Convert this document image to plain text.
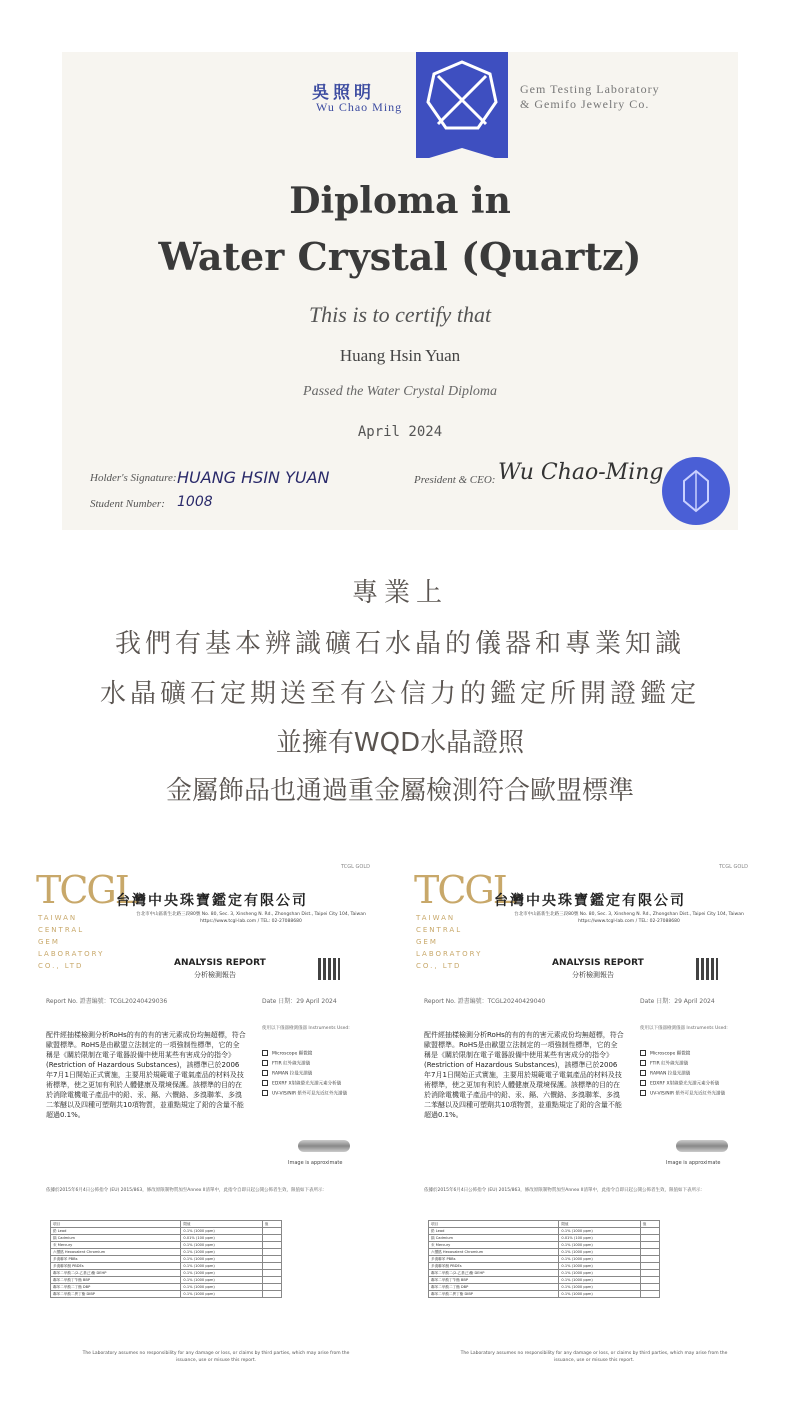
吳照明
Wu Chao Ming
Gem Testing Laboratory
& Gemifo Jewelry Co.
Diploma in
Water Crystal (Quartz)
This is to certify that
Huang Hsin Yuan
Passed the Water Crystal Diploma
April 2024
Holder's Signature: HUANG HSIN YUAN
Student Number: 1008
President & CEO: Wu Chao-Ming
專業上
我們有基本辨識礦石水晶的儀器和專業知識
水晶礦石定期送至有公信力的鑑定所開證鑑定
並擁有WQD水晶證照
金屬飾品也通過重金屬檢測符合歐盟標準
TCGL GOLD
TCGL
TAIWAN CENTRAL GEM LABORATORY CO., LTD
台灣中央珠寶鑑定有限公司
台北市中山區新生北路三段80號 No. 80, Sec. 3, Xinsheng N. Rd., Zhongshan Dist., Taipei City 104, Taiwan https://www.tcgl-lab.com / TEL: 02-27088680
ANALYSIS REPORT
分析檢測報告
Report No. 證書編號：TCGL20240429036	Date 日期：29 April 2024
配件經抽樣檢測分析RoHs的有的有的害元素成份均無超標，符合歐盟標準。RoHS是由歐盟立法制定的一項強制性標準，它的全稱是《關於限制在電子電器設備中使用某些有害成分的指令》(Restriction of Hazardous Substances)，該標準已於2006年7月1日開始正式實施，主要用於規範電子電氣產品的材料及技術標準，使之更加有利於人體健康及環境保護。該標準的目的在於消除電機電子產品中的鉛、汞、鎘、六價鉻、多溴聯苯、多溴二苯醚以及四種可塑劑共10項物質，並重點規定了鉛的含量不能超過0.1%。
使用以下儀器檢測儀器 Instruments Used:
Microscope 顯微鏡
FTIR 紅外線光譜儀
RAMAN 拉曼光譜儀
EDXRF X射線螢光光譜元素分析儀
UV-VIS/NIR 紫外可見光近紅外光譜儀
Image is approximate
依據於2015年6月4日公佈指令 (EU) 2015/863，修改原限制物質加至Annex II清單中，此指令自即日起公開公佈者生效，限值如下表所示：
項目	限值	值
鉛 Lead	0.1% (1000 ppm)	
鎘 Cadmium	0.01% (100 ppm)	
汞 Mercury	0.1% (1000 ppm)	
六價鉻 Hexavalent Chromium	0.1% (1000 ppm)	
多溴聯苯 PBBs	0.1% (1000 ppm)	
多溴聯苯醚 PBDEs	0.1% (1000 ppm)	
鄰苯二甲酸二(2-乙基己)酯 DEHP	0.1% (1000 ppm)	
鄰苯二甲酸丁苄酯 BBP	0.1% (1000 ppm)	
鄰苯二甲酸二丁酯 DBP	0.1% (1000 ppm)	
鄰苯二甲酸二異丁酯 DIBP	0.1% (1000 ppm)	
The Laboratory assumes no responsibility for any damage or loss, or claims by third parties, which may arise from the issuance, use or misuse this report.
TCGL GOLD
TCGL
TAIWAN CENTRAL GEM LABORATORY CO., LTD
台灣中央珠寶鑑定有限公司
台北市中山區新生北路三段80號 No. 80, Sec. 3, Xinsheng N. Rd., Zhongshan Dist., Taipei City 104, Taiwan https://www.tcgl-lab.com / TEL: 02-27088680
ANALYSIS REPORT
分析檢測報告
Report No. 證書編號：TCGL20240429040	Date 日期：29 April 2024
配件經抽樣檢測分析RoHs的有的有的害元素成份均無超標，符合歐盟標準。RoHS是由歐盟立法制定的一項強制性標準，它的全稱是《關於限制在電子電器設備中使用某些有害成分的指令》(Restriction of Hazardous Substances)，該標準已於2006年7月1日開始正式實施，主要用於規範電子電氣產品的材料及技術標準，使之更加有利於人體健康及環境保護。該標準的目的在於消除電機電子產品中的鉛、汞、鎘、六價鉻、多溴聯苯、多溴二苯醚以及四種可塑劑共10項物質，並重點規定了鉛的含量不能超過0.1%。
使用以下儀器檢測儀器 Instruments Used:
Microscope 顯微鏡
FTIR 紅外線光譜儀
RAMAN 拉曼光譜儀
EDXRF X射線螢光光譜元素分析儀
UV-VIS/NIR 紫外可見光近紅外光譜儀
Image is approximate
依據於2015年6月4日公佈指令 (EU) 2015/863，修改原限制物質加至Annex II清單中，此指令自即日起公開公佈者生效，限值如下表所示：
項目	限值	值
鉛 Lead	0.1% (1000 ppm)	
鎘 Cadmium	0.01% (100 ppm)	
汞 Mercury	0.1% (1000 ppm)	
六價鉻 Hexavalent Chromium	0.1% (1000 ppm)	
多溴聯苯 PBBs	0.1% (1000 ppm)	
多溴聯苯醚 PBDEs	0.1% (1000 ppm)	
鄰苯二甲酸二(2-乙基己)酯 DEHP	0.1% (1000 ppm)	
鄰苯二甲酸丁苄酯 BBP	0.1% (1000 ppm)	
鄰苯二甲酸二丁酯 DBP	0.1% (1000 ppm)	
鄰苯二甲酸二異丁酯 DIBP	0.1% (1000 ppm)	
The Laboratory assumes no responsibility for any damage or loss, or claims by third parties, which may arise from the issuance, use or misuse this report.
